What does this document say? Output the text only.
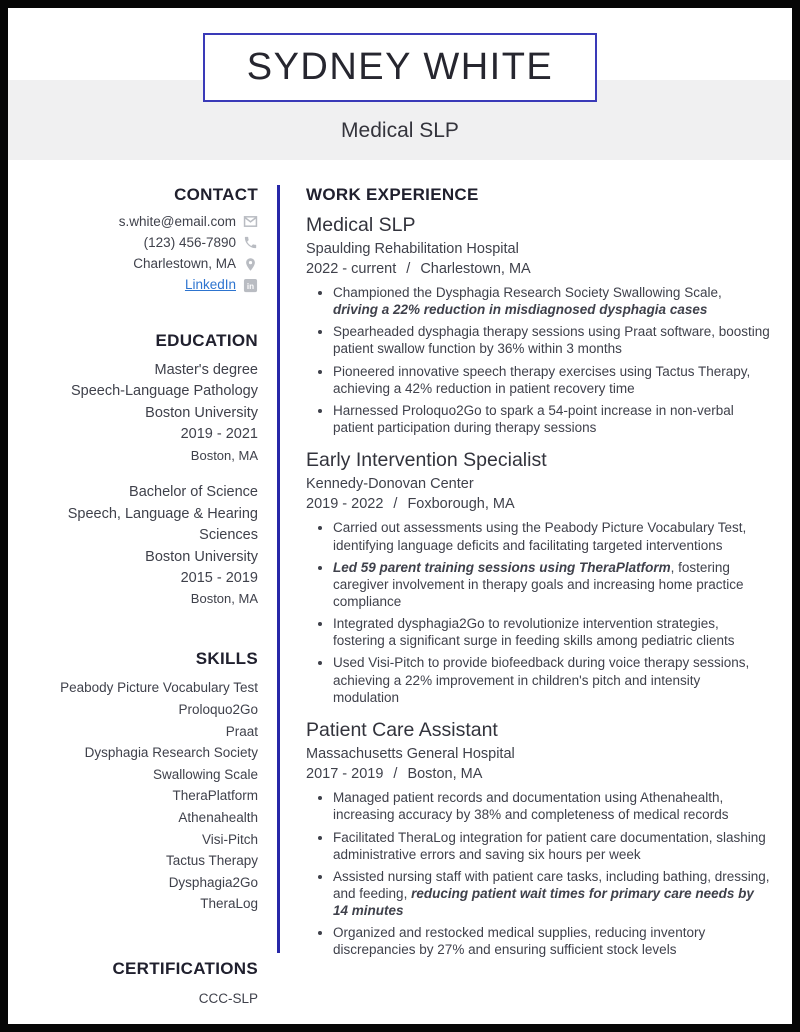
SYDNEY WHITE
Medical SLP
CONTACT
s.white@email.com
(123) 456-7890
Charlestown, MA
LinkedIn in
EDUCATION
Master's degree
Speech-Language Pathology
Boston University
2019 - 2021
Boston, MA
Bachelor of Science
Speech, Language & Hearing Sciences
Boston University
2015 - 2019
Boston, MA
SKILLS
Peabody Picture Vocabulary Test
Proloquo2Go
Praat
Dysphagia Research Society Swallowing Scale
TheraPlatform
Athenahealth
Visi-Pitch
Tactus Therapy
Dysphagia2Go
TheraLog
CERTIFICATIONS
CCC-SLP
WORK EXPERIENCE
Medical SLP
Spaulding Rehabilitation Hospital
2022 - current / Charlestown, MA
• Championed the Dysphagia Research Society Swallowing Scale, driving a 22% reduction in misdiagnosed dysphagia cases
• Spearheaded dysphagia therapy sessions using Praat software, boosting patient swallow function by 36% within 3 months
• Pioneered innovative speech therapy exercises using Tactus Therapy, achieving a 42% reduction in patient recovery time
• Harnessed Proloquo2Go to spark a 54-point increase in non-verbal patient participation during therapy sessions
Early Intervention Specialist
Kennedy-Donovan Center
2019 - 2022 / Foxborough, MA
• Carried out assessments using the Peabody Picture Vocabulary Test, identifying language deficits and facilitating targeted interventions
• Led 59 parent training sessions using TheraPlatform, fostering caregiver involvement in therapy goals and increasing home practice compliance
• Integrated dysphagia2Go to revolutionize intervention strategies, fostering a significant surge in feeding skills among pediatric clients
• Used Visi-Pitch to provide biofeedback during voice therapy sessions, achieving a 22% improvement in children's pitch and intensity modulation
Patient Care Assistant
Massachusetts General Hospital
2017 - 2019 / Boston, MA
• Managed patient records and documentation using Athenahealth, increasing accuracy by 38% and completeness of medical records
• Facilitated TheraLog integration for patient care documentation, slashing administrative errors and saving six hours per week
• Assisted nursing staff with patient care tasks, including bathing, dressing, and feeding, reducing patient wait times for primary care needs by 14 minutes
• Organized and restocked medical supplies, reducing inventory discrepancies by 27% and ensuring sufficient stock levels
